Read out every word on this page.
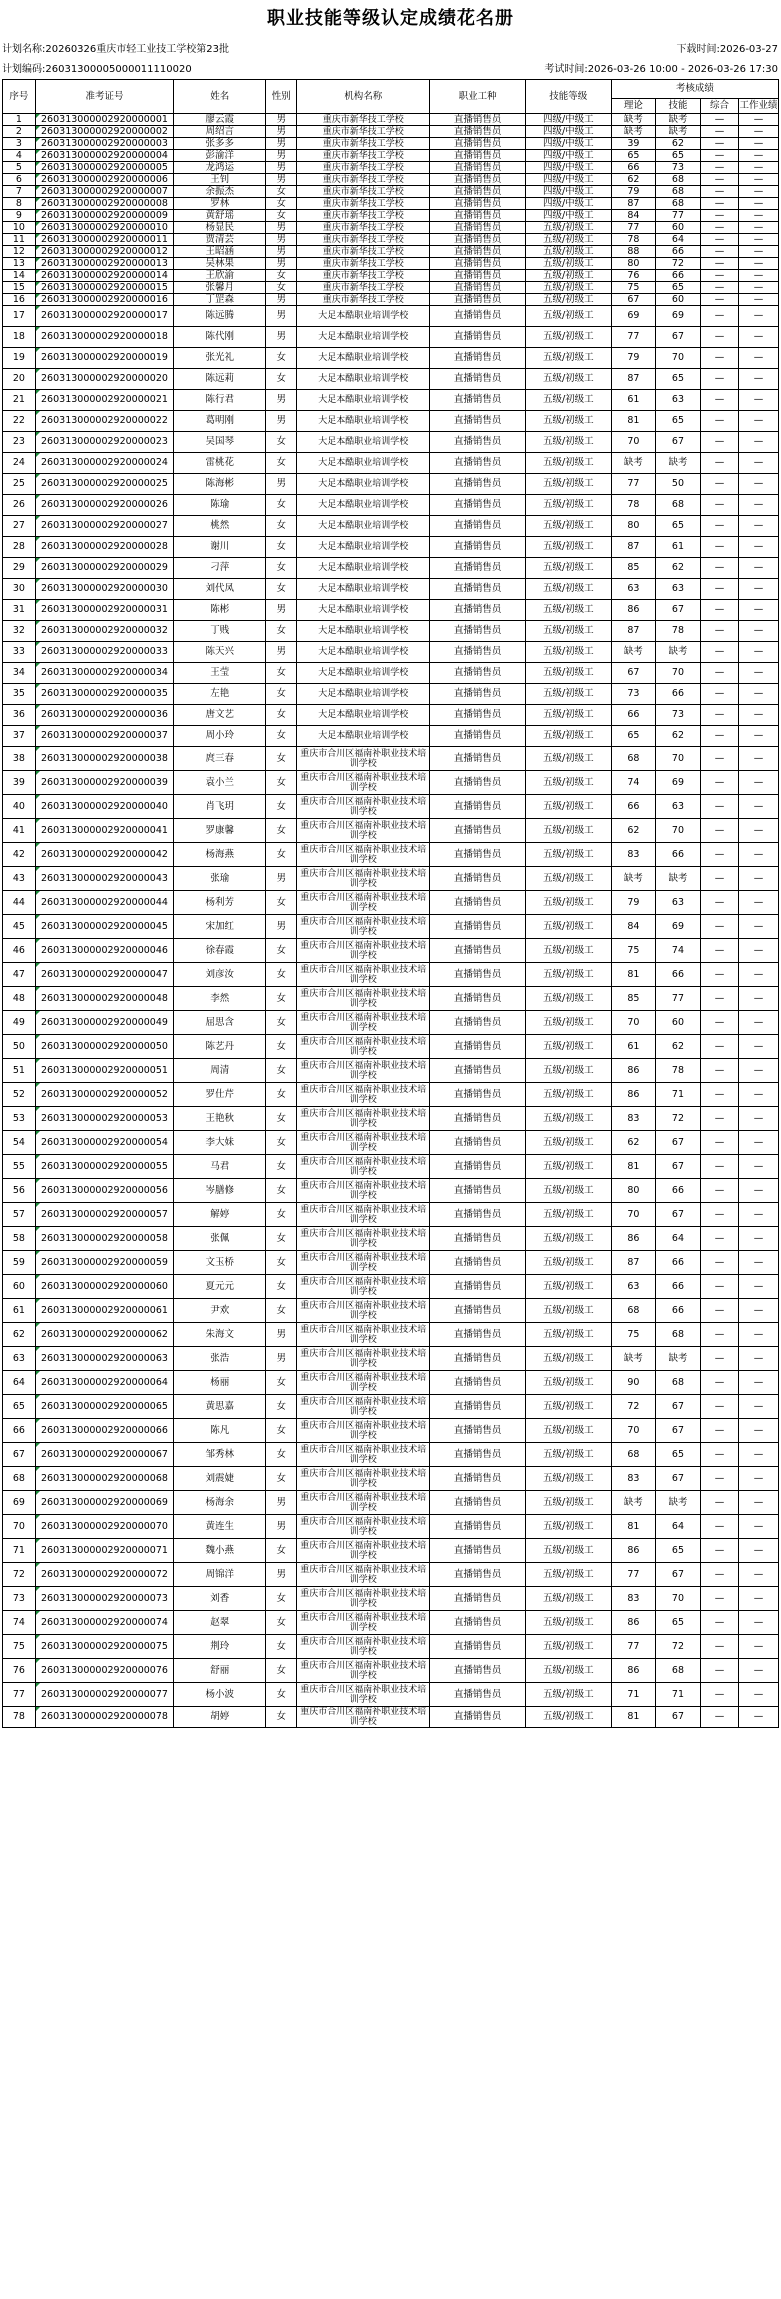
职业技能等级认定成绩花名册
计划名称:20260326重庆市轻工业技工学校第23批	下载时间:2026-03-27
计划编码:26031300005000011110020	考试时间:2026-03-26 10:00 - 2026-03-26 17:30
序号	准考证号	姓名	性别	机构名称	职业工种	技能等级	考核成绩			
							理论	技能	综合	工作业绩
1	260313000002920000001	廖云霞	男	重庆市新华技工学校	直播销售员	四级/中级工	缺考	缺考	—	—
2	260313000002920000002	周绍言	男	重庆市新华技工学校	直播销售员	四级/中级工	缺考	缺考	—	—
3	260313000002920000003	张多多	男	重庆市新华技工学校	直播销售员	四级/中级工	39	62	—	—
4	260313000002920000004	彭渝洋	男	重庆市新华技工学校	直播销售员	四级/中级工	65	65	—	—
5	260313000002920000005	龙鸿运	男	重庆市新华技工学校	直播销售员	四级/中级工	66	73	—	—
6	260313000002920000006	王钊	男	重庆市新华技工学校	直播销售员	四级/中级工	62	68	—	—
7	260313000002920000007	余振杰	女	重庆市新华技工学校	直播销售员	四级/中级工	79	68	—	—
8	260313000002920000008	罗林	女	重庆市新华技工学校	直播销售员	四级/中级工	87	68	—	—
9	260313000002920000009	黄舒瑶	女	重庆市新华技工学校	直播销售员	四级/中级工	84	77	—	—
10	260313000002920000010	杨显民	男	重庆市新华技工学校	直播销售员	五级/初级工	77	60	—	—
11	260313000002920000011	贾清芸	男	重庆市新华技工学校	直播销售员	五级/初级工	78	64	—	—
12	260313000002920000012	王昭涵	男	重庆市新华技工学校	直播销售员	五级/初级工	88	66	—	—
13	260313000002920000013	吴林果	男	重庆市新华技工学校	直播销售员	五级/初级工	80	72	—	—
14	260313000002920000014	王欣渝	女	重庆市新华技工学校	直播销售员	五级/初级工	76	66	—	—
15	260313000002920000015	张馨月	女	重庆市新华技工学校	直播销售员	五级/初级工	75	65	—	—
16	260313000002920000016	丁罡森	男	重庆市新华技工学校	直播销售员	五级/初级工	67	60	—	—
17	260313000002920000017	陈远腾	男	大足本酷职业培训学校	直播销售员	五级/初级工	69	69	—	—
18	260313000002920000018	陈代刚	男	大足本酷职业培训学校	直播销售员	五级/初级工	77	67	—	—
19	260313000002920000019	张光礼	女	大足本酷职业培训学校	直播销售员	五级/初级工	79	70	—	—
20	260313000002920000020	陈远莉	女	大足本酷职业培训学校	直播销售员	五级/初级工	87	65	—	—
21	260313000002920000021	陈行君	男	大足本酷职业培训学校	直播销售员	五级/初级工	61	63	—	—
22	260313000002920000022	葛明刚	男	大足本酷职业培训学校	直播销售员	五级/初级工	81	65	—	—
23	260313000002920000023	吴国琴	女	大足本酷职业培训学校	直播销售员	五级/初级工	70	67	—	—
24	260313000002920000024	雷桃花	女	大足本酷职业培训学校	直播销售员	五级/初级工	缺考	缺考	—	—
25	260313000002920000025	陈海彬	男	大足本酷职业培训学校	直播销售员	五级/初级工	77	50	—	—
26	260313000002920000026	陈瑜	女	大足本酷职业培训学校	直播销售员	五级/初级工	78	68	—	—
27	260313000002920000027	桃然	女	大足本酷职业培训学校	直播销售员	五级/初级工	80	65	—	—
28	260313000002920000028	谢川	女	大足本酷职业培训学校	直播销售员	五级/初级工	87	61	—	—
29	260313000002920000029	刁萍	女	大足本酷职业培训学校	直播销售员	五级/初级工	85	62	—	—
30	260313000002920000030	刘代凤	女	大足本酷职业培训学校	直播销售员	五级/初级工	63	63	—	—
31	260313000002920000031	陈彬	男	大足本酷职业培训学校	直播销售员	五级/初级工	86	67	—	—
32	260313000002920000032	丁贱	女	大足本酷职业培训学校	直播销售员	五级/初级工	87	78	—	—
33	260313000002920000033	陈天兴	男	大足本酷职业培训学校	直播销售员	五级/初级工	缺考	缺考	—	—
34	260313000002920000034	王莹	女	大足本酷职业培训学校	直播销售员	五级/初级工	67	70	—	—
35	260313000002920000035	左艳	女	大足本酷职业培训学校	直播销售员	五级/初级工	73	66	—	—
36	260313000002920000036	唐文艺	女	大足本酷职业培训学校	直播销售员	五级/初级工	66	73	—	—
37	260313000002920000037	周小玲	女	大足本酷职业培训学校	直播销售员	五级/初级工	65	62	—	—
38	260313000002920000038	庹三春	女	重庆市合川区福南补职业技术培训学校	直播销售员	五级/初级工	68	70	—	—
39	260313000002920000039	袁小兰	女	重庆市合川区福南补职业技术培训学校	直播销售员	五级/初级工	74	69	—	—
40	260313000002920000040	肖飞玥	女	重庆市合川区福南补职业技术培训学校	直播销售员	五级/初级工	66	63	—	—
41	260313000002920000041	罗康馨	女	重庆市合川区福南补职业技术培训学校	直播销售员	五级/初级工	62	70	—	—
42	260313000002920000042	杨海燕	女	重庆市合川区福南补职业技术培训学校	直播销售员	五级/初级工	83	66	—	—
43	260313000002920000043	张瑜	男	重庆市合川区福南补职业技术培训学校	直播销售员	五级/初级工	缺考	缺考	—	—
44	260313000002920000044	杨利芳	女	重庆市合川区福南补职业技术培训学校	直播销售员	五级/初级工	79	63	—	—
45	260313000002920000045	宋加红	男	重庆市合川区福南补职业技术培训学校	直播销售员	五级/初级工	84	69	—	—
46	260313000002920000046	徐春霞	女	重庆市合川区福南补职业技术培训学校	直播销售员	五级/初级工	75	74	—	—
47	260313000002920000047	刘彦汝	女	重庆市合川区福南补职业技术培训学校	直播销售员	五级/初级工	81	66	—	—
48	260313000002920000048	李然	女	重庆市合川区福南补职业技术培训学校	直播销售员	五级/初级工	85	77	—	—
49	260313000002920000049	屈思含	女	重庆市合川区福南补职业技术培训学校	直播销售员	五级/初级工	70	60	—	—
50	260313000002920000050	陈艺丹	女	重庆市合川区福南补职业技术培训学校	直播销售员	五级/初级工	61	62	—	—
51	260313000002920000051	周清	女	重庆市合川区福南补职业技术培训学校	直播销售员	五级/初级工	86	78	—	—
52	260313000002920000052	罗仕芹	女	重庆市合川区福南补职业技术培训学校	直播销售员	五级/初级工	86	71	—	—
53	260313000002920000053	王艳秋	女	重庆市合川区福南补职业技术培训学校	直播销售员	五级/初级工	83	72	—	—
54	260313000002920000054	李大妹	女	重庆市合川区福南补职业技术培训学校	直播销售员	五级/初级工	62	67	—	—
55	260313000002920000055	马君	女	重庆市合川区福南补职业技术培训学校	直播销售员	五级/初级工	81	67	—	—
56	260313000002920000056	岑膳修	女	重庆市合川区福南补职业技术培训学校	直播销售员	五级/初级工	80	66	—	—
57	260313000002920000057	解婷	女	重庆市合川区福南补职业技术培训学校	直播销售员	五级/初级工	70	67	—	—
58	260313000002920000058	张佩	女	重庆市合川区福南补职业技术培训学校	直播销售员	五级/初级工	86	64	—	—
59	260313000002920000059	文玉桥	女	重庆市合川区福南补职业技术培训学校	直播销售员	五级/初级工	87	66	—	—
60	260313000002920000060	夏元元	女	重庆市合川区福南补职业技术培训学校	直播销售员	五级/初级工	63	66	—	—
61	260313000002920000061	尹欢	女	重庆市合川区福南补职业技术培训学校	直播销售员	五级/初级工	68	66	—	—
62	260313000002920000062	朱海文	男	重庆市合川区福南补职业技术培训学校	直播销售员	五级/初级工	75	68	—	—
63	260313000002920000063	张浩	男	重庆市合川区福南补职业技术培训学校	直播销售员	五级/初级工	缺考	缺考	—	—
64	260313000002920000064	杨丽	女	重庆市合川区福南补职业技术培训学校	直播销售员	五级/初级工	90	68	—	—
65	260313000002920000065	黄思嘉	女	重庆市合川区福南补职业技术培训学校	直播销售员	五级/初级工	72	67	—	—
66	260313000002920000066	陈凡	女	重庆市合川区福南补职业技术培训学校	直播销售员	五级/初级工	70	67	—	—
67	260313000002920000067	邹秀林	女	重庆市合川区福南补职业技术培训学校	直播销售员	五级/初级工	68	65	—	—
68	260313000002920000068	刘震婕	女	重庆市合川区福南补职业技术培训学校	直播销售员	五级/初级工	83	67	—	—
69	260313000002920000069	杨海余	男	重庆市合川区福南补职业技术培训学校	直播销售员	五级/初级工	缺考	缺考	—	—
70	260313000002920000070	黄连生	男	重庆市合川区福南补职业技术培训学校	直播销售员	五级/初级工	81	64	—	—
71	260313000002920000071	魏小燕	女	重庆市合川区福南补职业技术培训学校	直播销售员	五级/初级工	86	65	—	—
72	260313000002920000072	周锦洋	男	重庆市合川区福南补职业技术培训学校	直播销售员	五级/初级工	77	67	—	—
73	260313000002920000073	刘香	女	重庆市合川区福南补职业技术培训学校	直播销售员	五级/初级工	83	70	—	—
74	260313000002920000074	赵翠	女	重庆市合川区福南补职业技术培训学校	直播销售员	五级/初级工	86	65	—	—
75	260313000002920000075	荆玲	女	重庆市合川区福南补职业技术培训学校	直播销售员	五级/初级工	77	72	—	—
76	260313000002920000076	舒丽	女	重庆市合川区福南补职业技术培训学校	直播销售员	五级/初级工	86	68	—	—
77	260313000002920000077	杨小波	女	重庆市合川区福南补职业技术培训学校	直播销售员	五级/初级工	71	71	—	—
78	260313000002920000078	胡婷	女	重庆市合川区福南补职业技术培训学校	直播销售员	五级/初级工	81	67	—	—
